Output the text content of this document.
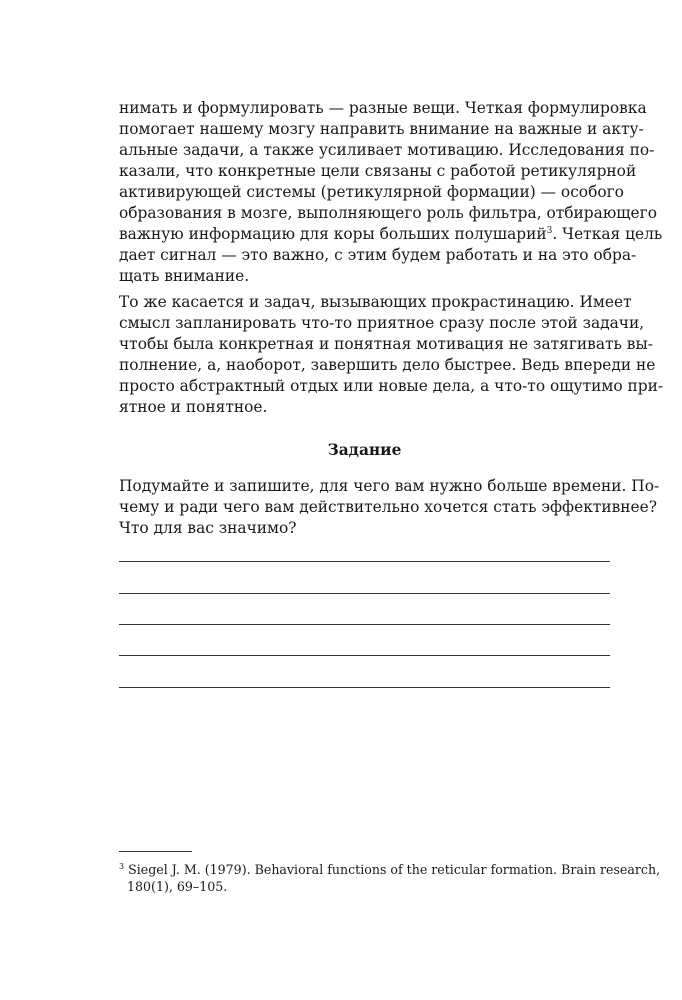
нимать и формулировать — разные вещи. Четкая формулировка
помогает нашему мозгу направить внимание на важные и акту-
альные задачи, а также усиливает мотивацию. Исследования по-
казали, что конкретные цели связаны с работой ретикулярной
активирующей системы (ретикулярной формации) — особого
образования в мозге, выполняющего роль фильтра, отбирающего
важную информацию для коры больших полушарий$^3$. Четкая цель
дает сигнал — это важно, с этим будем работать и на это обра-
щать внимание.
То же касается и задач, вызывающих прокрастинацию. Имеет
смысл запланировать что-то приятное сразу после этой задачи,
чтобы была конкретная и понятная мотивация не затягивать вы-
полнение, а, наоборот, завершить дело быстрее. Ведь впереди не
просто абстрактный отдых или новые дела, а что-то ощутимо при-
ятное и понятное.
Задание
Подумайте и запишите, для чего вам нужно больше времени. По-
чему и ради чего вам действительно хочется стать эффективнее?
Что для вас значимо?
$^3$ Siegel J. M. (1979). Behavioral functions of the reticular formation. Brain research,
180(1), 69–105.
